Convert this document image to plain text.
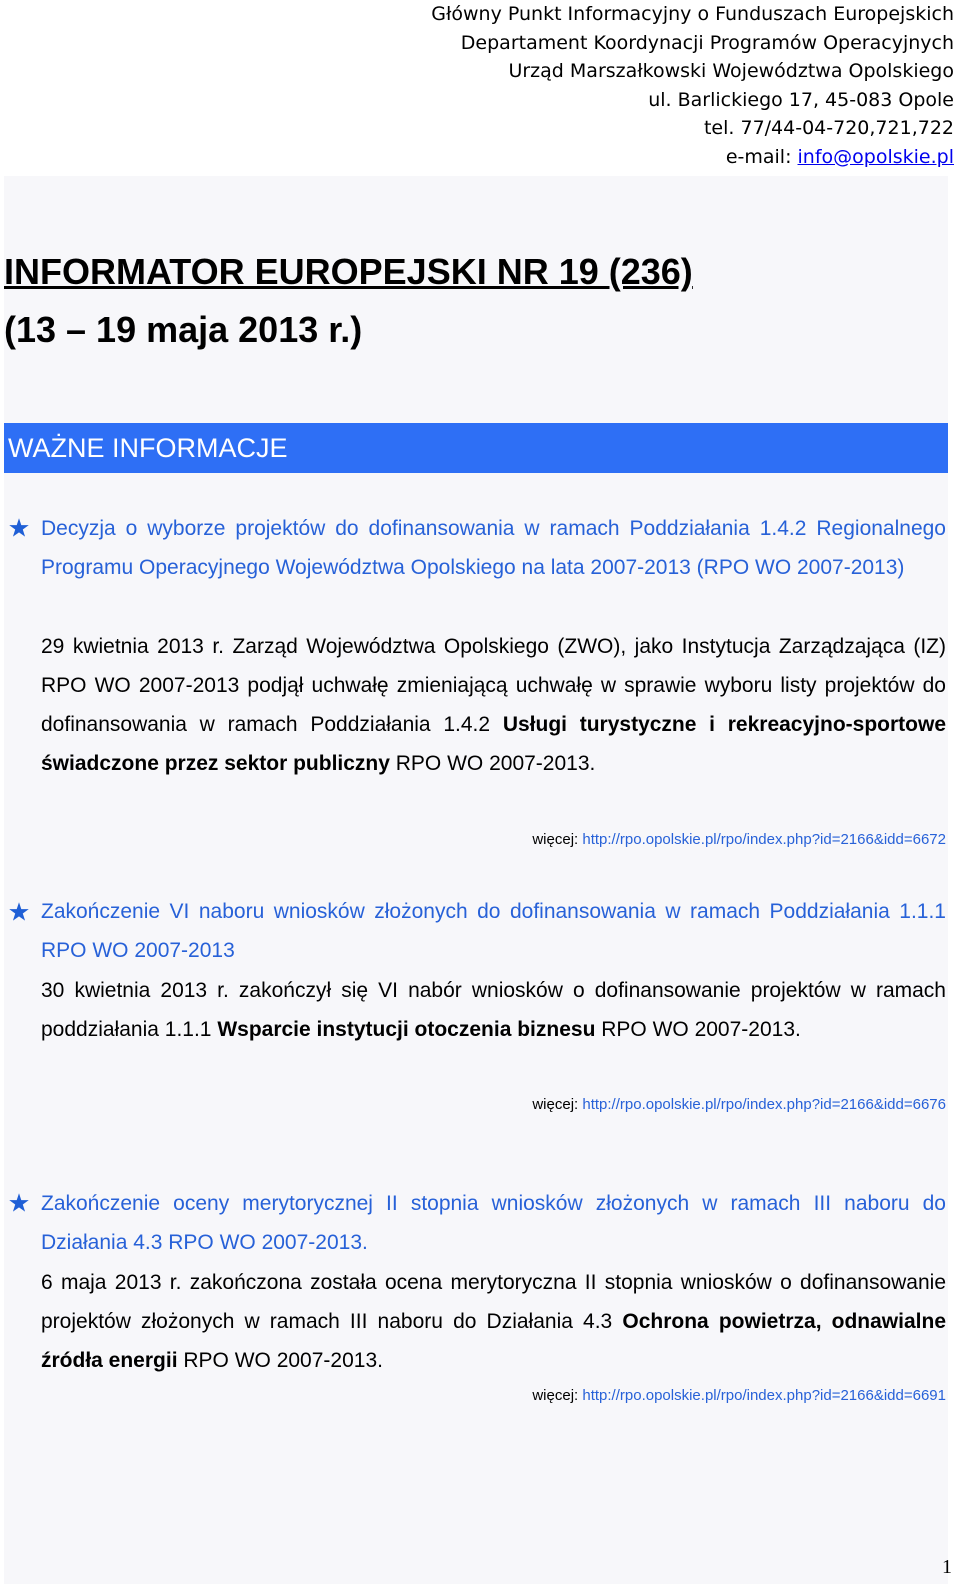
Główny Punkt Informacyjny o Funduszach Europejskich
Departament Koordynacji Programów Operacyjnych
Urząd Marszałkowski Województwa Opolskiego
ul. Barlickiego 17, 45-083 Opole
tel. 77/44-04-720,721,722
e-mail: info@opolskie.pl
INFORMATOR EUROPEJSKI NR 19 (236)
(13 – 19 maja 2013 r.)
WAŻNE INFORMACJE
Decyzja o wyborze projektów do dofinansowania w ramach Poddziałania 1.4.2 Regionalnego Programu Operacyjnego Województwa Opolskiego na lata 2007-2013 (RPO WO 2007-2013)
29 kwietnia 2013 r. Zarząd Województwa Opolskiego (ZWO), jako Instytucja Zarządzająca (IZ) RPO WO 2007-2013 podjął uchwałę zmieniającą uchwałę w sprawie wyboru listy projektów do dofinansowania w ramach Poddziałania 1.4.2 Usługi turystyczne i rekreacyjno-sportowe świadczone przez sektor publiczny RPO WO 2007-2013.
więcej: http://rpo.opolskie.pl/rpo/index.php?id=2166&idd=6672
Zakończenie VI naboru wniosków złożonych do dofinansowania w ramach Poddziałania 1.1.1 RPO WO 2007-2013
30 kwietnia 2013 r. zakończył się VI nabór wniosków o dofinansowanie projektów w ramach poddziałania 1.1.1 Wsparcie instytucji otoczenia biznesu RPO WO 2007-2013.
więcej: http://rpo.opolskie.pl/rpo/index.php?id=2166&idd=6676
Zakończenie oceny merytorycznej II stopnia wniosków złożonych w ramach III naboru do Działania 4.3 RPO WO 2007-2013.
6 maja 2013 r. zakończona została ocena merytoryczna II stopnia wniosków o dofinansowanie projektów złożonych w ramach III naboru do Działania 4.3 Ochrona powietrza, odnawialne źródła energii RPO WO 2007-2013.
więcej: http://rpo.opolskie.pl/rpo/index.php?id=2166&idd=6691
1
